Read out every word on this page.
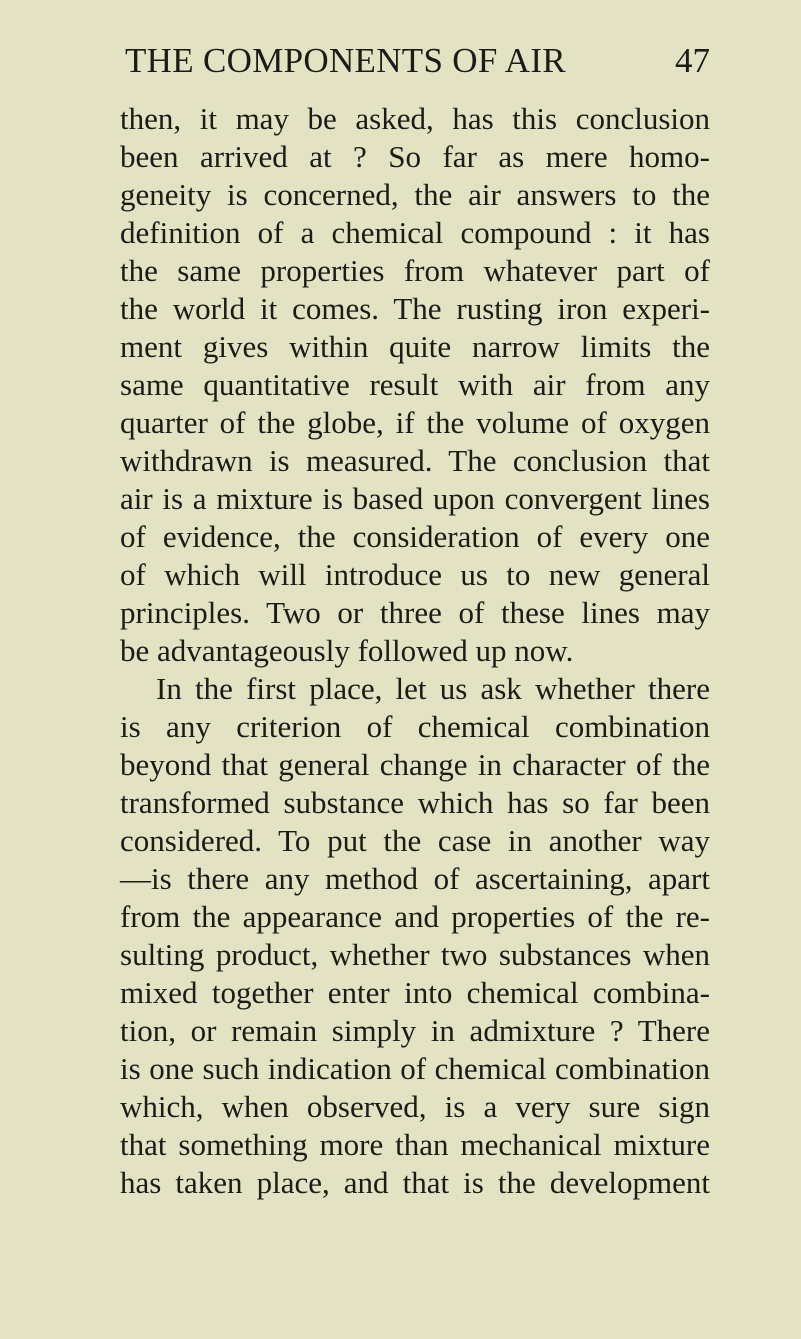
THE COMPONENTS OF AIR	47
then, it may be asked, has this conclusion
been arrived at ? So far as mere homo-
geneity is concerned, the air answers to the
definition of a chemical compound : it has
the same properties from whatever part of
the world it comes. The rusting iron experi-
ment gives within quite narrow limits the
same quantitative result with air from any
quarter of the globe, if the volume of oxygen
withdrawn is measured. The conclusion that
air is a mixture is based upon convergent lines
of evidence, the consideration of every one
of which will introduce us to new general
principles. Two or three of these lines may
be advantageously followed up now.
In the first place, let us ask whether there
is any criterion of chemical combination
beyond that general change in character of the
transformed substance which has so far been
considered. To put the case in another way
—is there any method of ascertaining, apart
from the appearance and properties of the re-
sulting product, whether two substances when
mixed together enter into chemical combina-
tion, or remain simply in admixture ? There
is one such indication of chemical combination
which, when observed, is a very sure sign
that something more than mechanical mixture
has taken place, and that is the development
